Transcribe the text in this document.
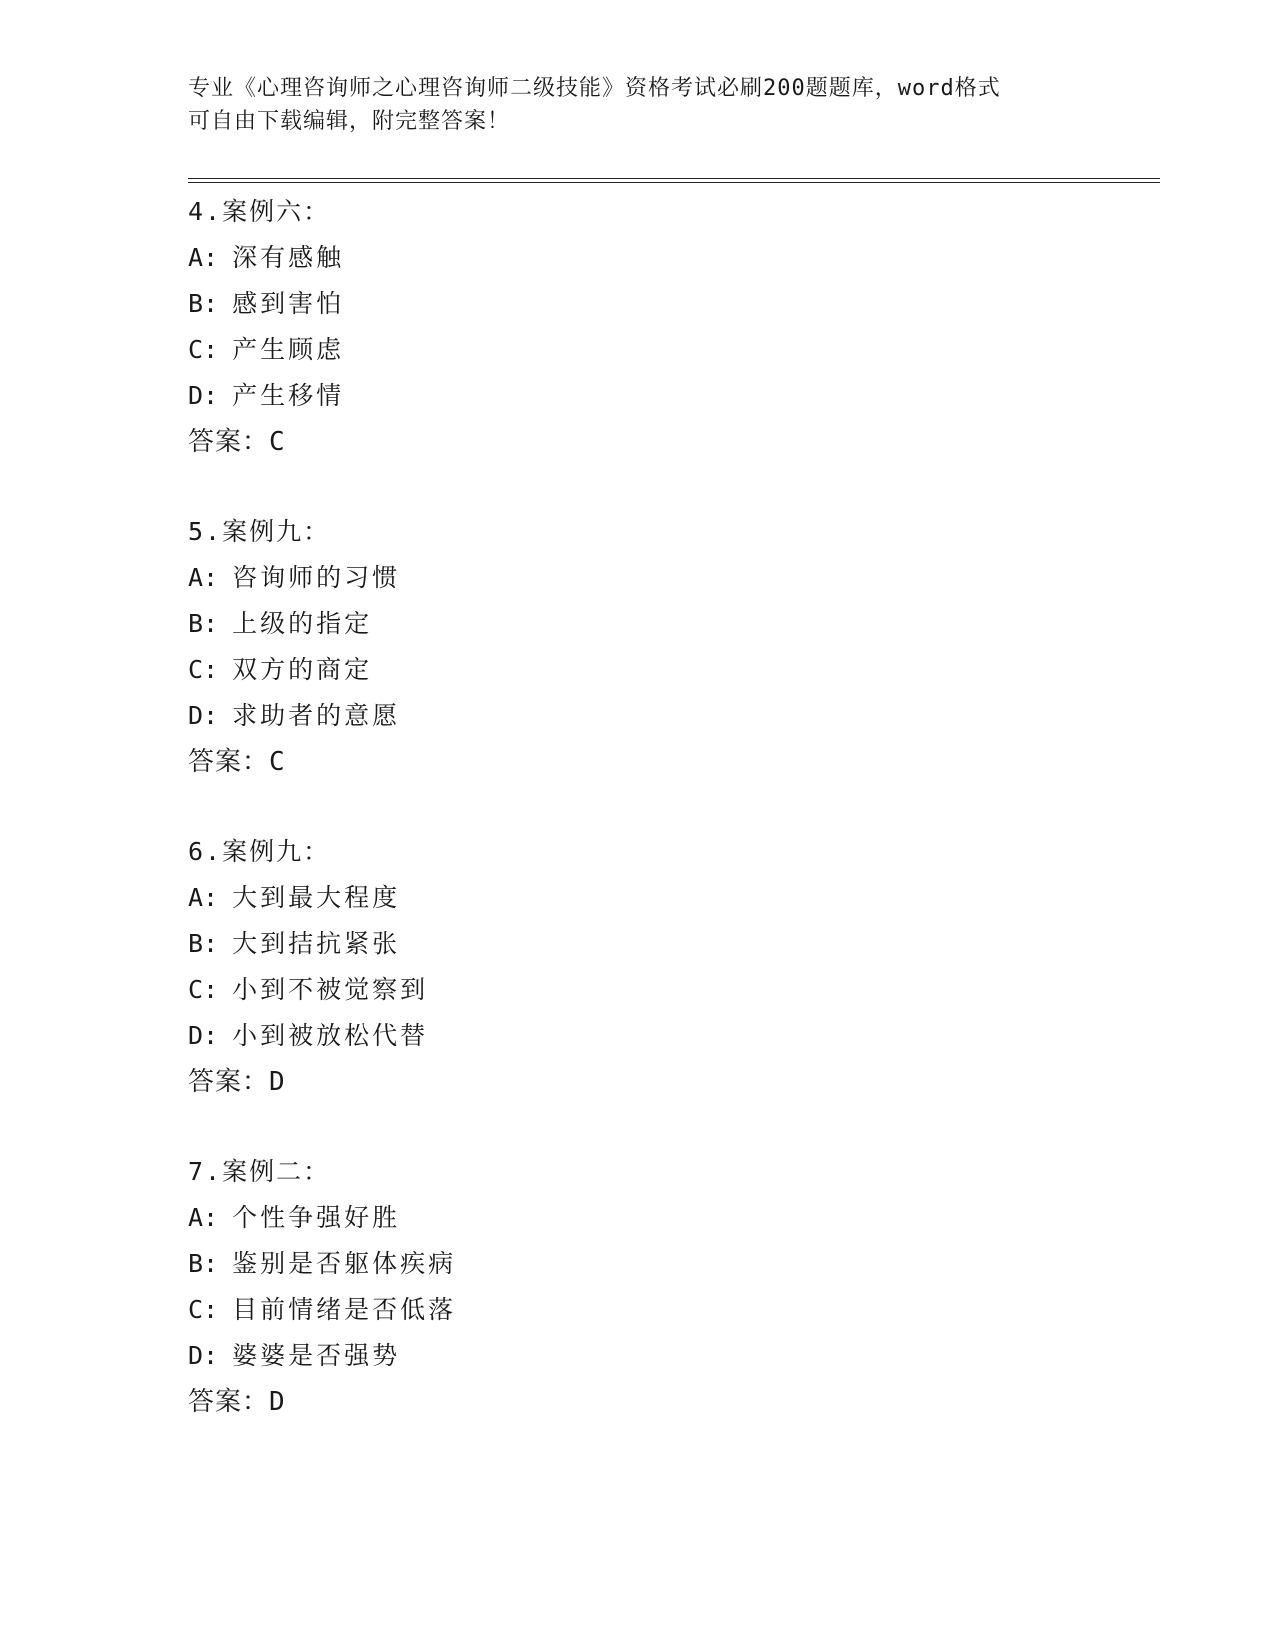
专业《心理咨询师之心理咨询师二级技能》资格考试必刷200题题库，word格式
可自由下载编辑，附完整答案！
4.案例六：
A: 深有感触
B: 感到害怕
C: 产生顾虑
D: 产生移情
答案：C
5.案例九：
A: 咨询师的习惯
B: 上级的指定
C: 双方的商定
D: 求助者的意愿
答案：C
6.案例九：
A: 大到最大程度
B: 大到拮抗紧张
C: 小到不被觉察到
D: 小到被放松代替
答案：D
7.案例二：
A: 个性争强好胜
B: 鉴别是否躯体疾病
C: 目前情绪是否低落
D: 婆婆是否强势
答案：D
